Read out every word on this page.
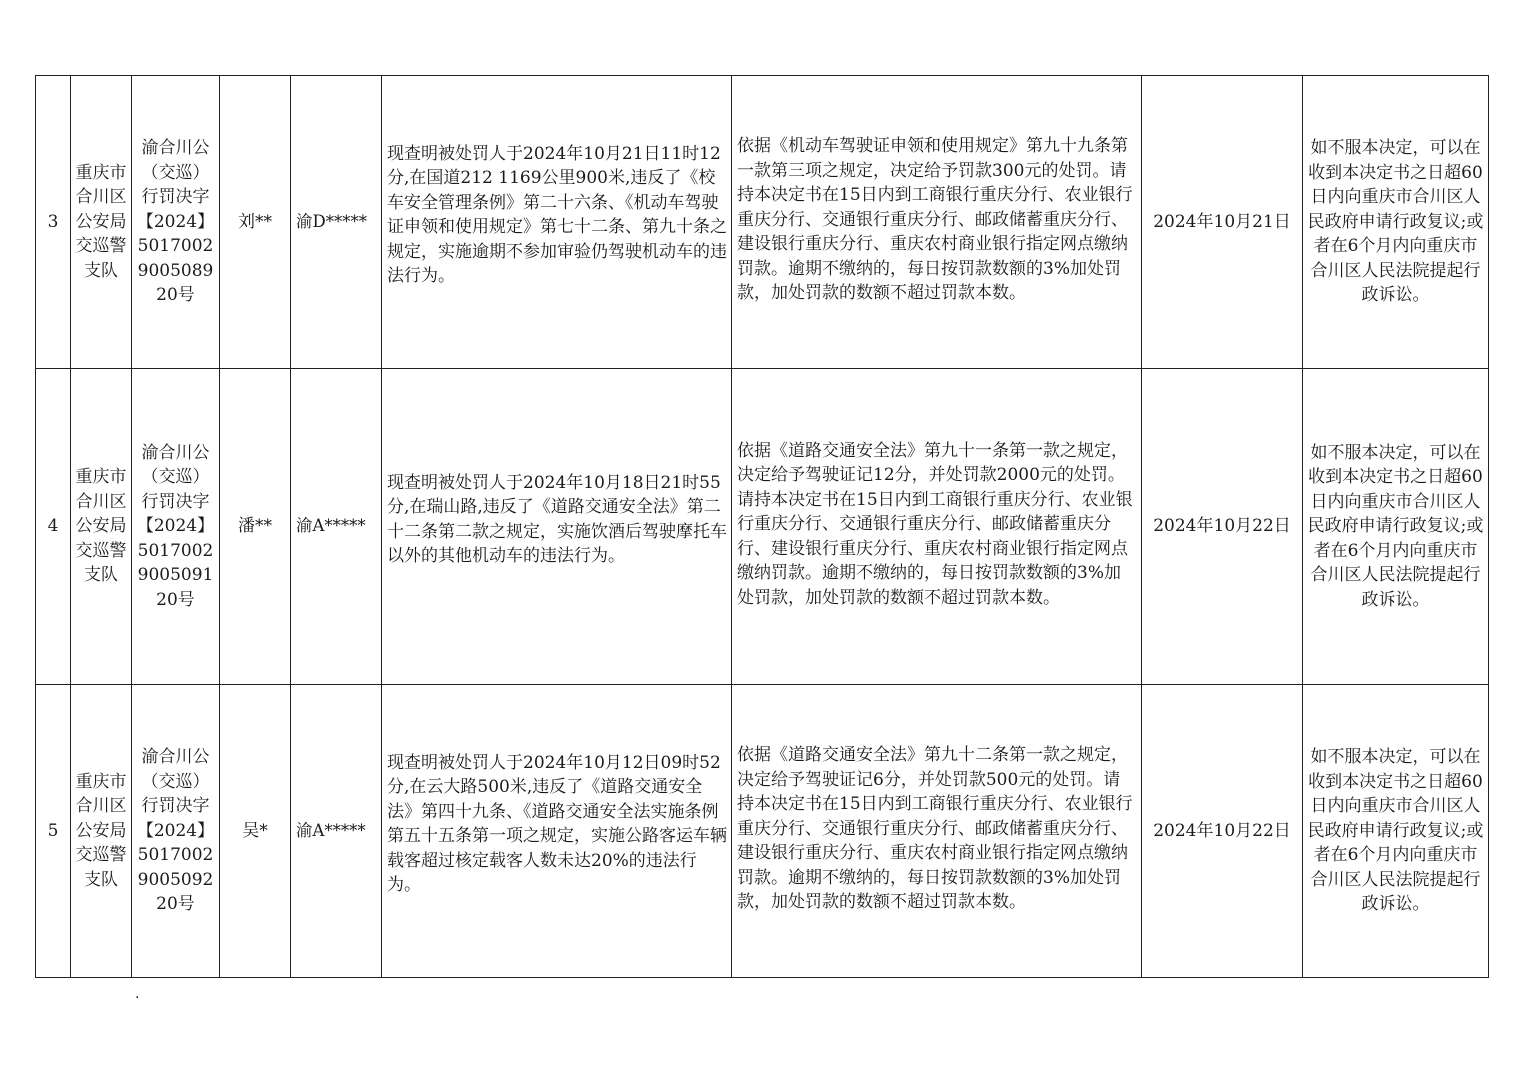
3	重庆市合川区公安局交巡警支队	渝合川公（交巡）行罚决字【2024】5017002900508920号	刘**	渝D*****	现查明被处罚人于2024年10月21日11时12分,在国道212 1169公里900米,违反了《校车安全管理条例》第二十六条、《机动车驾驶证申领和使用规定》第七十二条、第九十条之规定，实施逾期不参加审验仍驾驶机动车的违法行为。	依据《机动车驾驶证申领和使用规定》第九十九条第一款第三项之规定，决定给予罚款300元的处罚。请持本决定书在15日内到工商银行重庆分行、农业银行重庆分行、交通银行重庆分行、邮政储蓄重庆分行、建设银行重庆分行、重庆农村商业银行指定网点缴纳罚款。逾期不缴纳的，每日按罚款数额的3%加处罚款，加处罚款的数额不超过罚款本数。	2024年10月21日	如不服本决定，可以在收到本决定书之日超60日内向重庆市合川区人民政府申请行政复议;或者在6个月内向重庆市合川区人民法院提起行政诉讼。

4	重庆市合川区公安局交巡警支队	渝合川公（交巡）行罚决字【2024】5017002900509120号	潘**	渝A*****	现查明被处罚人于2024年10月18日21时55分,在瑞山路,违反了《道路交通安全法》第二十二条第二款之规定，实施饮酒后驾驶摩托车以外的其他机动车的违法行为。	依据《道路交通安全法》第九十一条第一款之规定，决定给予驾驶证记12分，并处罚款2000元的处罚。请持本决定书在15日内到工商银行重庆分行、农业银行重庆分行、交通银行重庆分行、邮政储蓄重庆分行、建设银行重庆分行、重庆农村商业银行指定网点缴纳罚款。逾期不缴纳的，每日按罚款数额的3%加处罚款，加处罚款的数额不超过罚款本数。	2024年10月22日	如不服本决定，可以在收到本决定书之日超60日内向重庆市合川区人民政府申请行政复议;或者在6个月内向重庆市合川区人民法院提起行政诉讼。

5	重庆市合川区公安局交巡警支队	渝合川公（交巡）行罚决字【2024】5017002900509220号	吴*	渝A*****	现查明被处罚人于2024年10月12日09时52分,在云大路500米,违反了《道路交通安全法》第四十九条、《道路交通安全法实施条例第五十五条第一项之规定，实施公路客运车辆载客超过核定载客人数未达20%的违法行为。	依据《道路交通安全法》第九十二条第一款之规定，决定给予驾驶证记6分，并处罚款500元的处罚。请持本决定书在15日内到工商银行重庆分行、农业银行重庆分行、交通银行重庆分行、邮政储蓄重庆分行、建设银行重庆分行、重庆农村商业银行指定网点缴纳罚款。逾期不缴纳的，每日按罚款数额的3%加处罚款，加处罚款的数额不超过罚款本数。	2024年10月22日	如不服本决定，可以在收到本决定书之日超60日内向重庆市合川区人民政府申请行政复议;或者在6个月内向重庆市合川区人民法院提起行政诉讼。
.
